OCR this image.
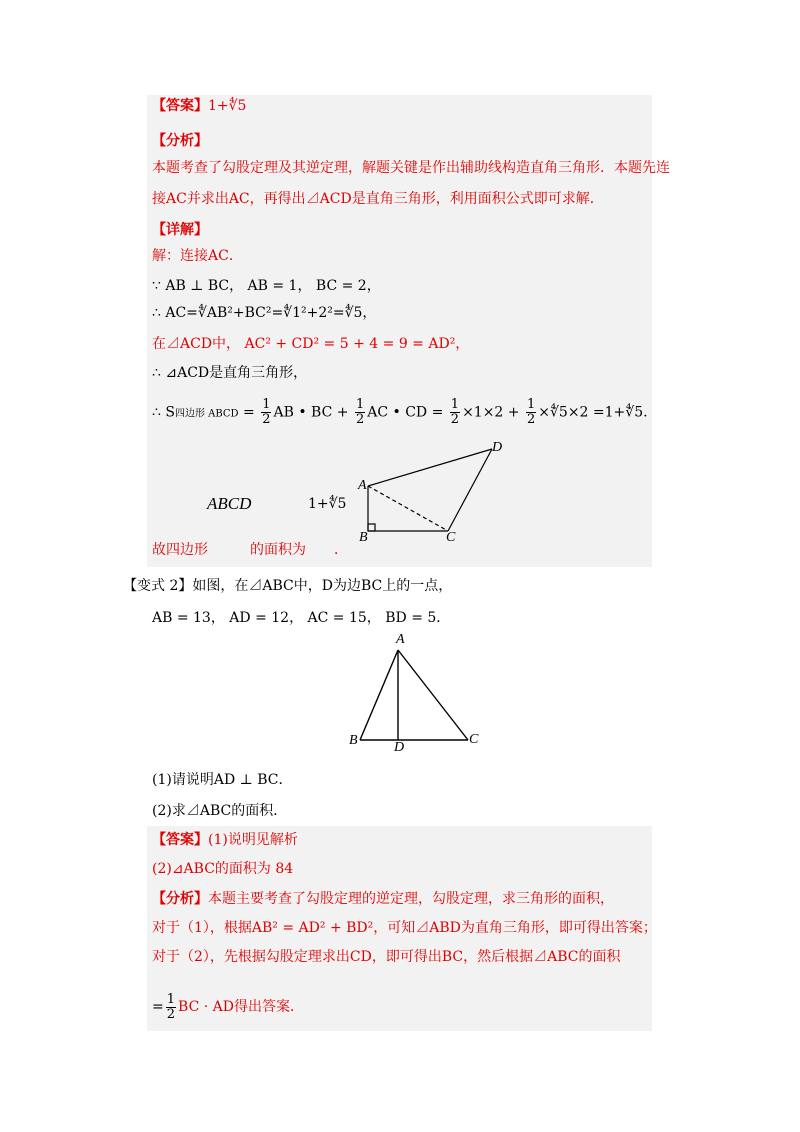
【答案】1+∜5
【分析】
本题考查了勾股定理及其逆定理，解题关键是作出辅助线构造直角三角形．本题先连
接AC并求出AC，再得出⊿ACD是直角三角形，利用面积公式即可求解．
【详解】
解：连接AC．
∵ AB ⊥ BC， AB = 1， BC = 2，
∴ AC=∜AB²+BC²=∜1²+2²=∜5，
在⊿ACD中， AC² + CD² = 5 + 4 = 9 = AD²，
∴ ⊿ACD是直角三角形，
∴ S四边形 ABCD = $\frac{1}{2}$ AB • BC + $\frac{1}{2}$ AC • CD = $\frac{1}{2} \times 1\times 2 + \frac{1}{2}$ ×∜5×2 =1+∜5.
A
B	C
D
ABCD	1+∜5
故四边形　　　的面积为　　．
【变式 2】如图，在⊿ABC中，D为边BC上的一点，
AB = 13， AD = 12， AC = 15， BD = 5．
A
B	C
D
(1)请说明AD ⊥ BC．
(2)求⊿ABC的面积．
【答案】(1)说明见解析
(2)⊿ABC的面积为 84
【分析】本题主要考查了勾股定理的逆定理，勾股定理，求三角形的面积，
对于（1），根据AB² = AD² + BD²，可知⊿ABD为直角三角形，即可得出答案；
对于（2），先根据勾股定理求出CD，即可得出BC，然后根据⊿ABC的面积
= $\frac{1}{2}$ BC · AD得出答案．
